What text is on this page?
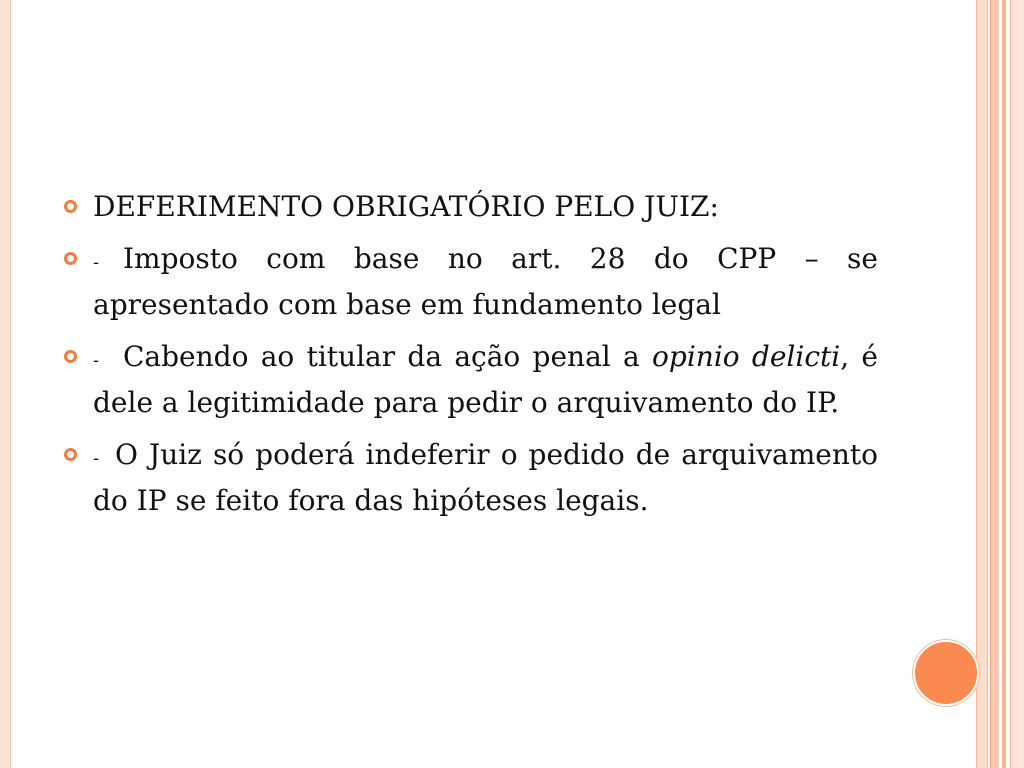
DEFERIMENTO OBRIGATÓRIO PELO JUIZ:
- Imposto com base no art. 28 do CPP – se apresentado com base em fundamento legal
- Cabendo ao titular da ação penal a opinio delicti, é dele a legitimidade para pedir o arquivamento do IP.
- O Juiz só poderá indeferir o pedido de arquivamento do IP se feito fora das hipóteses legais.
